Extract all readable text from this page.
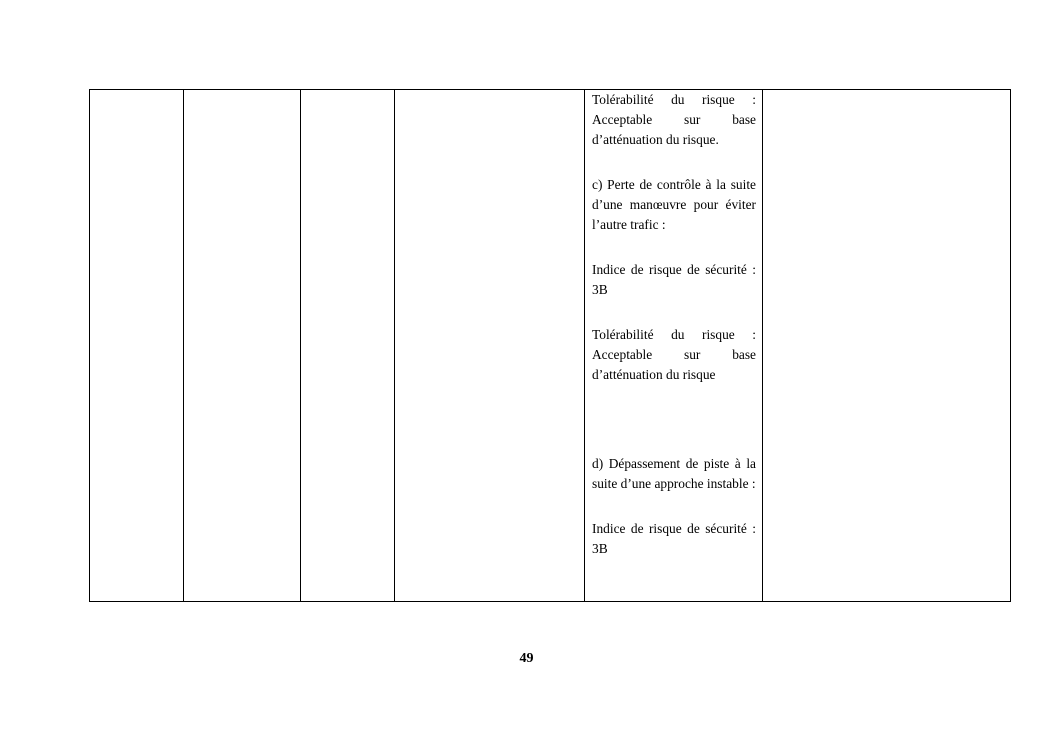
Tolérabilité du risque : Acceptable sur base d’atténuation du risque.

c) Perte de contrôle à la suite d’une manœuvre pour éviter l’autre trafic :

Indice de risque de sécurité : 3B

Tolérabilité du risque : Acceptable sur base d’atténuation du risque

d) Dépassement de piste à la suite d’une approche instable :

Indice de risque de sécurité : 3B

49
